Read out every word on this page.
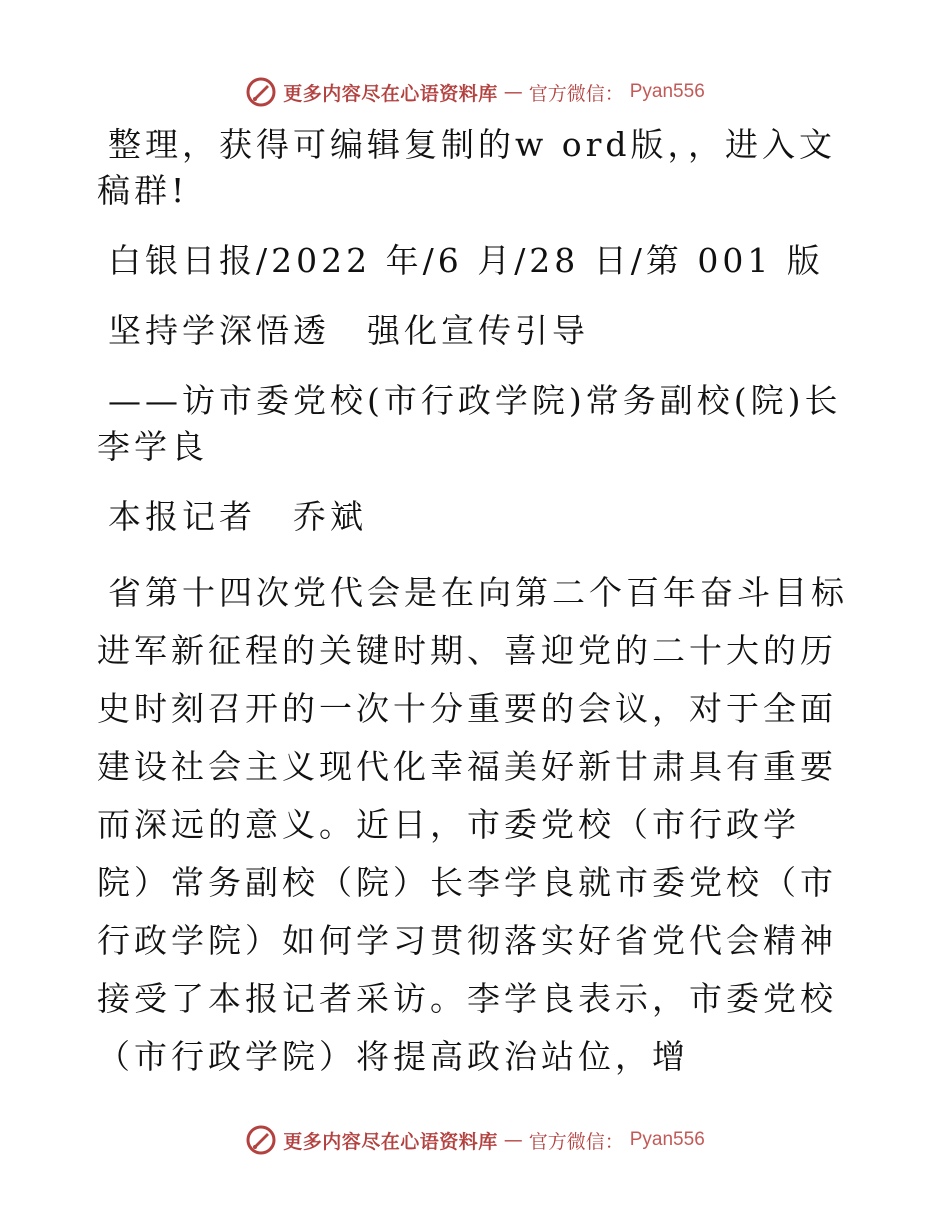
更多内容尽在心语资料库 — 官方微信： Pyan556

整理，获得可编辑复制的w ord版，，进入文稿群!

白银日报/2022 年/6 月/28 日/第 001 版

坚持学深悟透　强化宣传引导

——访市委党校(市行政学院)常务副校(院)长李学良

本报记者　乔斌

省第十四次党代会是在向第二个百年奋斗目标进军新征程的关键时期、喜迎党的二十大的历史时刻召开的一次十分重要的会议，对于全面建设社会主义现代化幸福美好新甘肃具有重要而深远的意义。近日，市委党校（市行政学院）常务副校（院）长李学良就市委党校（市行政学院）如何学习贯彻落实好省党代会精神接受了本报记者采访。李学良表示，市委党校（市行政学院）将提高政治站位，增

更多内容尽在心语资料库 — 官方微信： Pyan556
